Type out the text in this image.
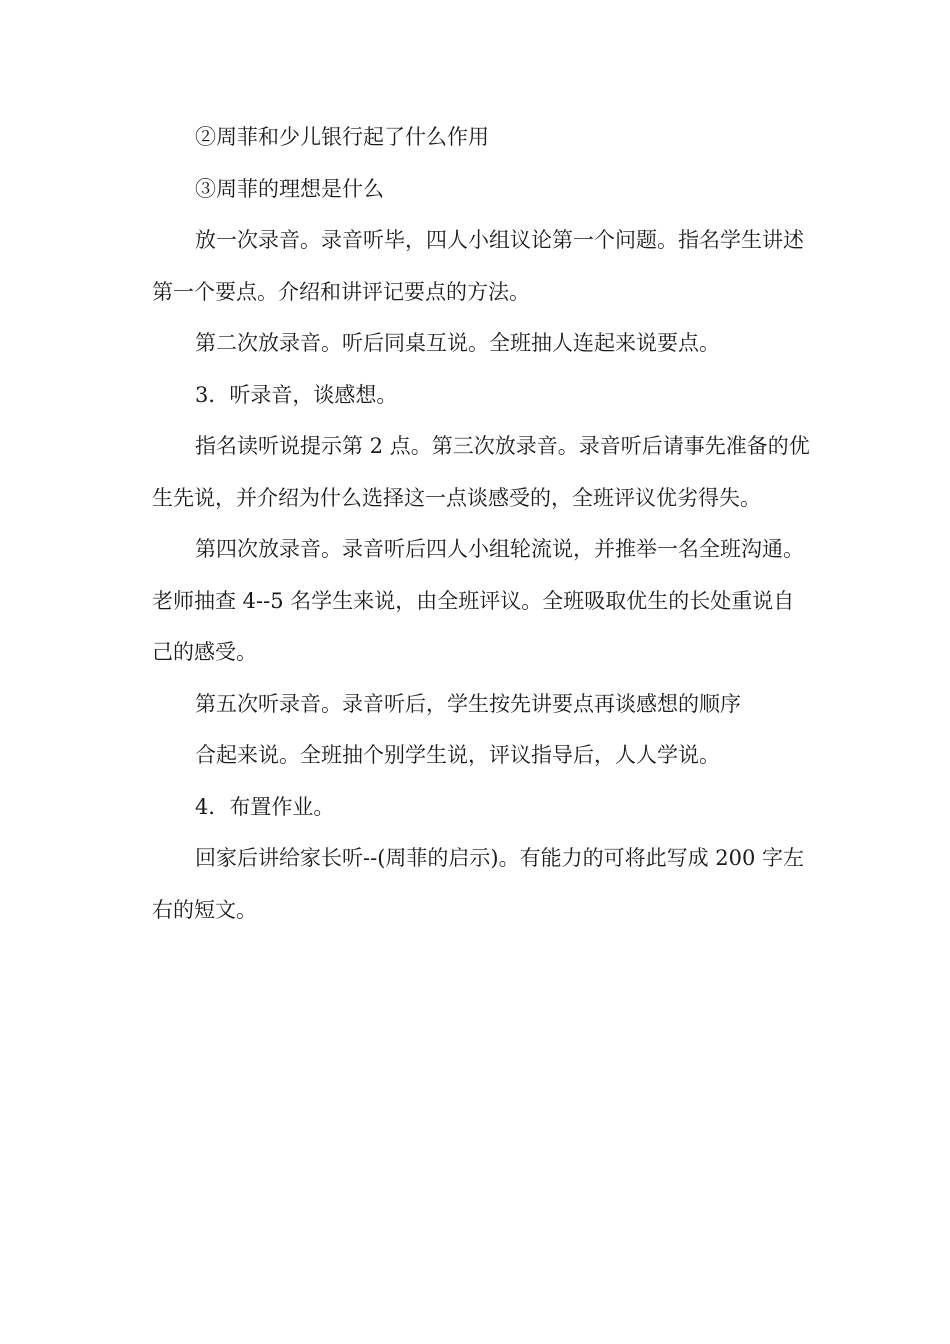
②周菲和少儿银行起了什么作用

③周菲的理想是什么

放一次录音。录音听毕，四人小组议论第一个问题。指名学生讲述第一个要点。介绍和讲评记要点的方法。

第二次放录音。听后同桌互说。全班抽人连起来说要点。

3．听录音，谈感想。

指名读听说提示第 2 点。第三次放录音。录音听后请事先准备的优生先说，并介绍为什么选择这一点谈感受的，全班评议优劣得失。

第四次放录音。录音听后四人小组轮流说，并推举一名全班沟通。老师抽查 4--5 名学生来说，由全班评议。全班吸取优生的长处重说自己的感受。

第五次听录音。录音听后，学生按先讲要点再谈感想的顺序

合起来说。全班抽个别学生说，评议指导后，人人学说。

4．布置作业。

回家后讲给家长听--(周菲的启示)。有能力的可将此写成 200 字左右的短文。
